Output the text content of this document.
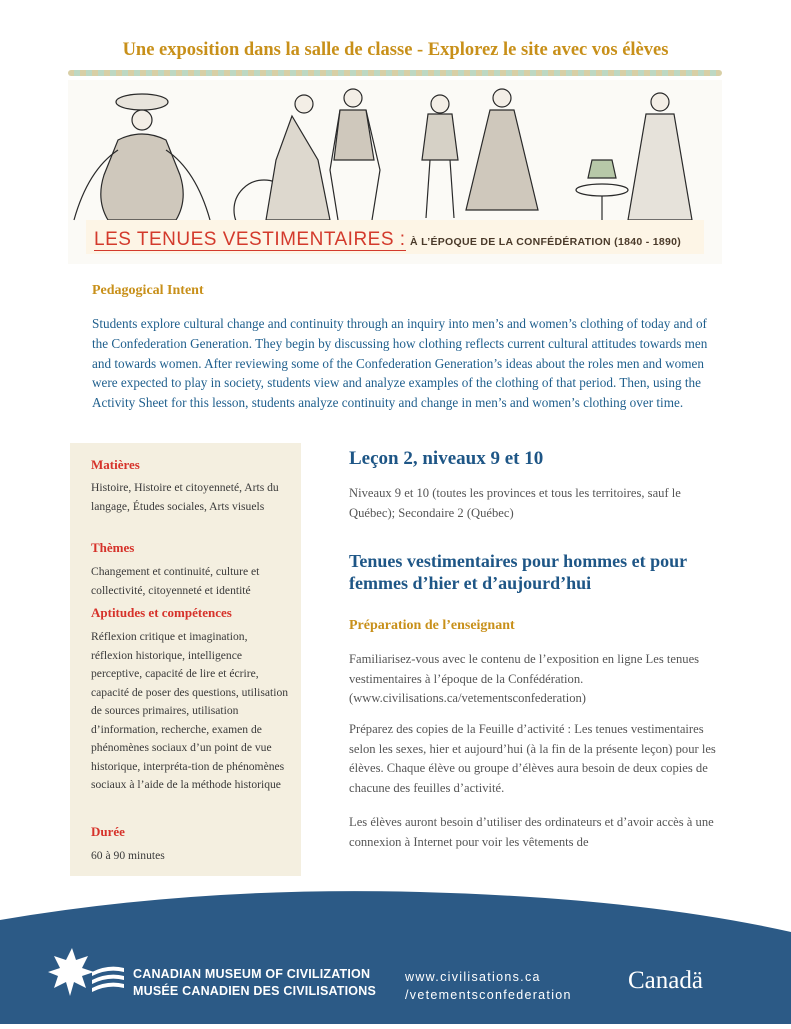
Une exposition dans la salle de classe - Explorez le site avec vos élèves
LES TENUES VESTIMENTAIRES : À L’ÉPOQUE DE LA CONFÉDÉRATION (1840 - 1890)
Pedagogical Intent

Students explore cultural change and continuity through an inquiry into men’s and women’s clothing of today and of the Confederation Generation. They begin by discussing how clothing reflects current cultural attitudes towards men and towards women. After reviewing some of the Confederation Generation’s ideas about the roles men and women were expected to play in society, students view and analyze examples of the clothing of that period. Then, using the Activity Sheet for this lesson, students analyze continuity and change in men’s and women’s clothing over time.

Matières

Histoire, Histoire et citoyenneté, Arts du langage, Études sociales, Arts visuels

Thèmes

Changement et continuité, culture et collectivité, citoyenneté et identité

Aptitudes et compétences

Réflexion critique et imagination, réflexion historique, intelligence perceptive, capacité de lire et écrire, capacité de poser des questions, utilisation de sources primaires, utilisation d’information, recherche, examen de phénomènes sociaux d’un point de vue historique, interpréta-tion de phénomènes sociaux à l’aide de la méthode historique

Durée

60 à 90 minutes

Leçon 2, niveaux 9 et 10

Niveaux 9 et 10 (toutes les provinces et tous les territoires, sauf le Québec); Secondaire 2 (Québec)

Tenues vestimentaires pour hommes et pour femmes d’hier et d’aujourd’hui

Préparation de l’enseignant

Familiarisez-vous avec le contenu de l’exposition en ligne Les tenues vestimentaires à l’époque de la Confédération. (www.civilisations.ca/vetementsconfederation)

Préparez des copies de la Feuille d’activité : Les tenues vestimentaires selon les sexes, hier et aujourd’hui (à la fin de la présente leçon) pour les élèves. Chaque élève ou groupe d’élèves aura besoin de deux copies de chacune des feuilles d’activité.

Les élèves auront besoin d’utiliser des ordinateurs et d’avoir accès à une connexion à Internet pour voir les vêtements de

CANADIAN MUSEUM OF CIVILIZATION
MUSÉE CANADIEN DES CIVILISATIONS
www.civilisations.ca
/vetementsconfederation
Canadä
